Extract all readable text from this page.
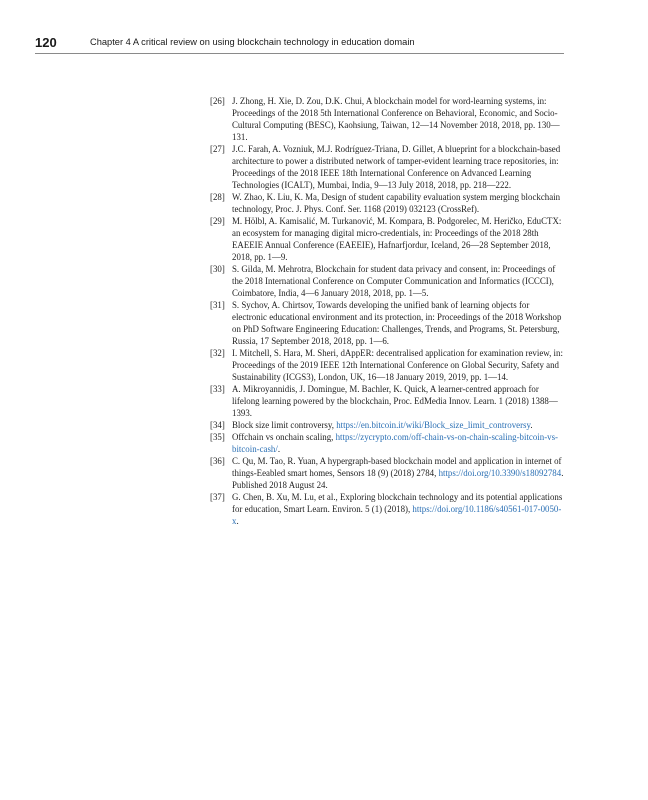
120	Chapter 4 A critical review on using blockchain technology in education domain
[26] J. Zhong, H. Xie, D. Zou, D.K. Chui, A blockchain model for word-learning systems, in: Proceedings of the 2018 5th International Conference on Behavioral, Economic, and Socio-Cultural Computing (BESC), Kaohsiung, Taiwan, 12—14 November 2018, 2018, pp. 130—131.
[27] J.C. Farah, A. Vozniuk, M.J. Rodríguez-Triana, D. Gillet, A blueprint for a blockchain-based architecture to power a distributed network of tamper-evident learning trace repositories, in: Proceedings of the 2018 IEEE 18th International Conference on Advanced Learning Technologies (ICALT), Mumbai, India, 9—13 July 2018, 2018, pp. 218—222.
[28] W. Zhao, K. Liu, K. Ma, Design of student capability evaluation system merging blockchain technology, Proc. J. Phys. Conf. Ser. 1168 (2019) 032123 (CrossRef).
[29] M. Hölbl, A. Kamisalić, M. Turkanović, M. Kompara, B. Podgorelec, M. Heričko, EduCTX: an ecosystem for managing digital micro-credentials, in: Proceedings of the 2018 28th EAEEIE Annual Conference (EAEEIE), Hafnarfjordur, Iceland, 26—28 September 2018, 2018, pp. 1—9.
[30] S. Gilda, M. Mehrotra, Blockchain for student data privacy and consent, in: Proceedings of the 2018 International Conference on Computer Communication and Informatics (ICCCI), Coimbatore, India, 4—6 January 2018, 2018, pp. 1—5.
[31] S. Sychov, A. Chirtsov, Towards developing the unified bank of learning objects for electronic educational environment and its protection, in: Proceedings of the 2018 Workshop on PhD Software Engineering Education: Challenges, Trends, and Programs, St. Petersburg, Russia, 17 September 2018, 2018, pp. 1—6.
[32] I. Mitchell, S. Hara, M. Sheri, dAppER: decentralised application for examination review, in: Proceedings of the 2019 IEEE 12th International Conference on Global Security, Safety and Sustainability (ICGS3), London, UK, 16—18 January 2019, 2019, pp. 1—14.
[33] A. Mikroyannidis, J. Domingue, M. Bachler, K. Quick, A learner-centred approach for lifelong learning powered by the blockchain, Proc. EdMedia Innov. Learn. 1 (2018) 1388—1393.
[34] Block size limit controversy, https://en.bitcoin.it/wiki/Block_size_limit_controversy.
[35] Offchain vs onchain scaling, https://zycrypto.com/off-chain-vs-on-chain-scaling-bitcoin-vs-bitcoin-cash/.
[36] C. Qu, M. Tao, R. Yuan, A hypergraph-based blockchain model and application in internet of things-Eeabled smart homes, Sensors 18 (9) (2018) 2784, https://doi.org/10.3390/s18092784. Published 2018 August 24.
[37] G. Chen, B. Xu, M. Lu, et al., Exploring blockchain technology and its potential applications for education, Smart Learn. Environ. 5 (1) (2018), https://doi.org/10.1186/s40561-017-0050-x.
